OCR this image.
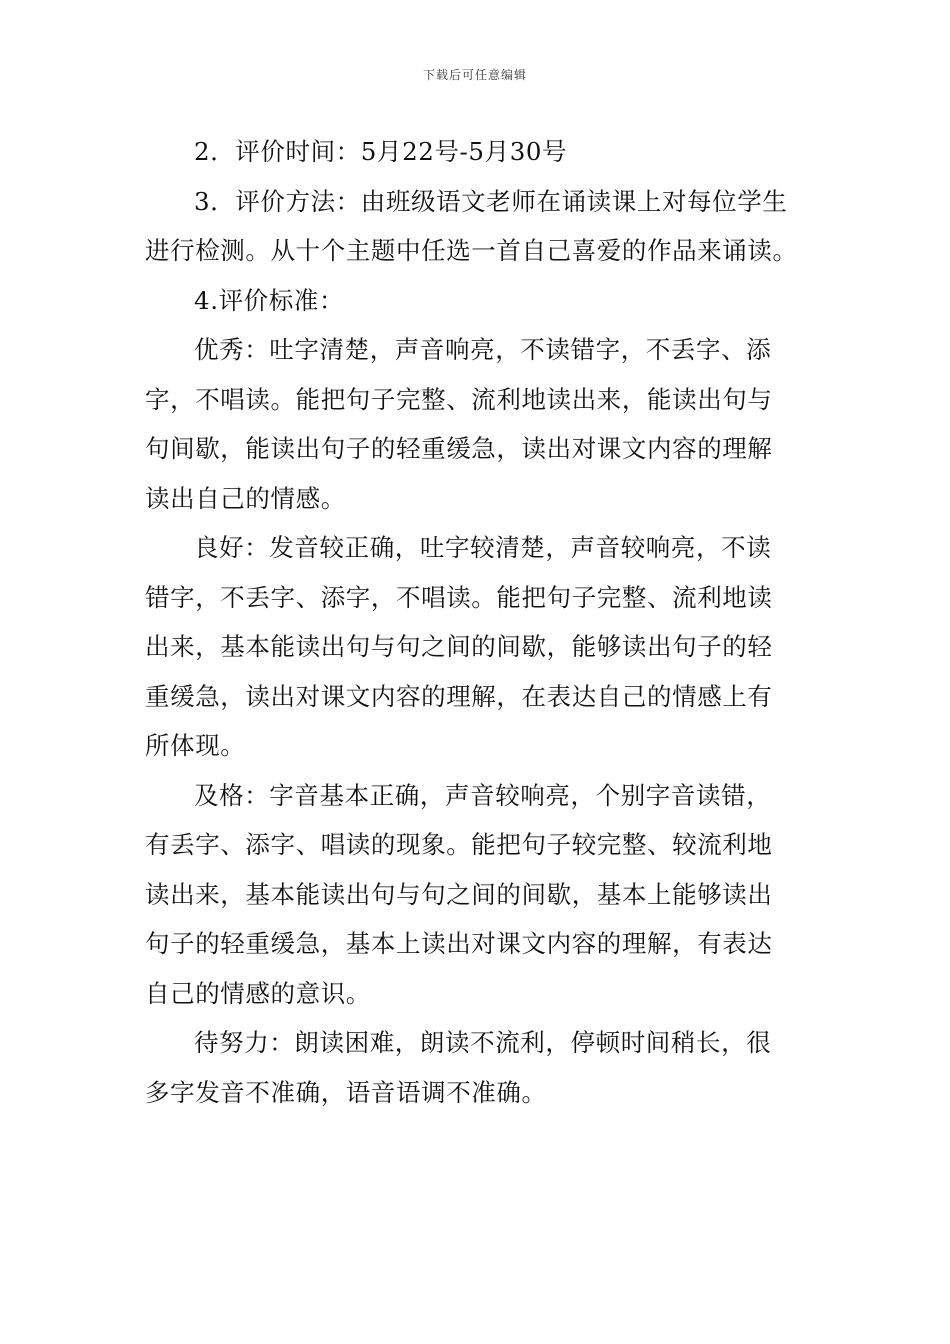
下载后可任意编辑
2．评价时间：5月22号-5月30号
3．评价方法：由班级语文老师在诵读课上对每位学生
进行检测。从十个主题中任选一首自己喜爱的作品来诵读。
4.评价标准：
优秀：吐字清楚，声音响亮，不读错字，不丢字、添
字，不唱读。能把句子完整、流利地读出来，能读出句与
句间歇，能读出句子的轻重缓急，读出对课文内容的理解
读出自己的情感。
良好：发音较正确，吐字较清楚，声音较响亮，不读
错字，不丢字、添字，不唱读。能把句子完整、流利地读
出来，基本能读出句与句之间的间歇，能够读出句子的轻
重缓急，读出对课文内容的理解，在表达自己的情感上有
所体现。
及格：字音基本正确，声音较响亮，个别字音读错，
有丢字、添字、唱读的现象。能把句子较完整、较流利地
读出来，基本能读出句与句之间的间歇，基本上能够读出
句子的轻重缓急，基本上读出对课文内容的理解，有表达
自己的情感的意识。
待努力：朗读困难，朗读不流利，停顿时间稍长，很
多字发音不准确，语音语调不准确。
